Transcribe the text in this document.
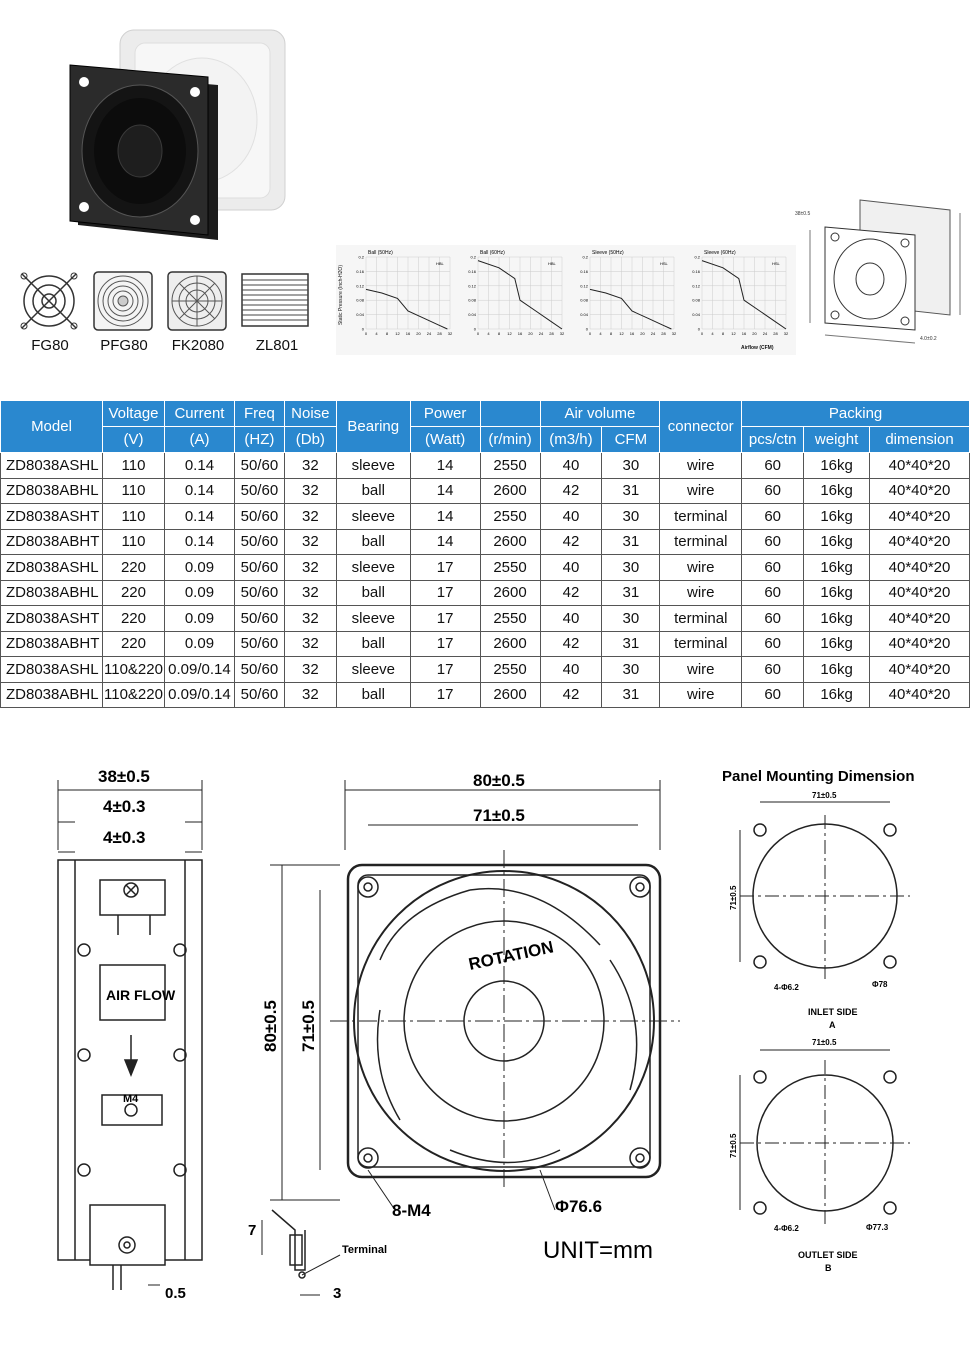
FG80	PFG80	FK2080	ZL801
0.2
0.16
0.12
0.08
0.04
0
0 4 8 12 16 20 24 28 32
Ball (50Hz)
HBL
0.2
0.16
0.12
0.08
0.04
0
0 4 8 12 16 20 24 28 32
Ball (60Hz)
HBL
0.2
0.16
0.12
0.08
0.04
0
0 4 8 12 16 20 24 28 32
Sleeve (50Hz)
HSL
0.2
0.16
0.12
0.08
0.04
0
0 4 8 12 16 20 24 28 32
Sleeve (60Hz)
HSL
Static Pressure (Inch-H2O)
Airflow (CFM)
38±0.5
4.0±0.2
Model	Voltage	Current	Freq	Noise	Bearing	Power		Air volume		connector	Packing		
	(V)	(A)	(HZ)	(Db)		(Watt)	(r/min)	(m3/h)	CFM		pcs/ctn	weight	dimension
ZD8038ASHL	110	0.14	50/60	32	sleeve	14	2550	40	30	wire	60	16kg	40*40*20
ZD8038ABHL	110	0.14	50/60	32	ball	14	2600	42	31	wire	60	16kg	40*40*20
ZD8038ASHT	110	0.14	50/60	32	sleeve	14	2550	40	30	terminal	60	16kg	40*40*20
ZD8038ABHT	110	0.14	50/60	32	ball	14	2600	42	31	terminal	60	16kg	40*40*20
ZD8038ASHL	220	0.09	50/60	32	sleeve	17	2550	40	30	wire	60	16kg	40*40*20
ZD8038ABHL	220	0.09	50/60	32	ball	17	2600	42	31	wire	60	16kg	40*40*20
ZD8038ASHT	220	0.09	50/60	32	sleeve	17	2550	40	30	terminal	60	16kg	40*40*20
ZD8038ABHT	220	0.09	50/60	32	ball	17	2600	42	31	terminal	60	16kg	40*40*20
ZD8038ASHL	110&220	0.09/0.14	50/60	32	sleeve	17	2550	40	30	wire	60	16kg	40*40*20
ZD8038ABHL	110&220	0.09/0.14	50/60	32	ball	17	2600	42	31	wire	60	16kg	40*40*20
38±0.5
4±0.3
4±0.3
AIR FLOW
M4
0.5
7
3
Terminal
80±0.5
71±0.5
80±0.5 71±0.5
ROTATION
8-M4	Φ76.6
UNIT=mm
Panel Mounting Dimension
71±0.5
71±0.5
4-Φ6.2	Φ78
INLET SIDE
A
71±0.5
71±0.5
4-Φ6.2	Φ77.3
OUTLET SIDE
B
